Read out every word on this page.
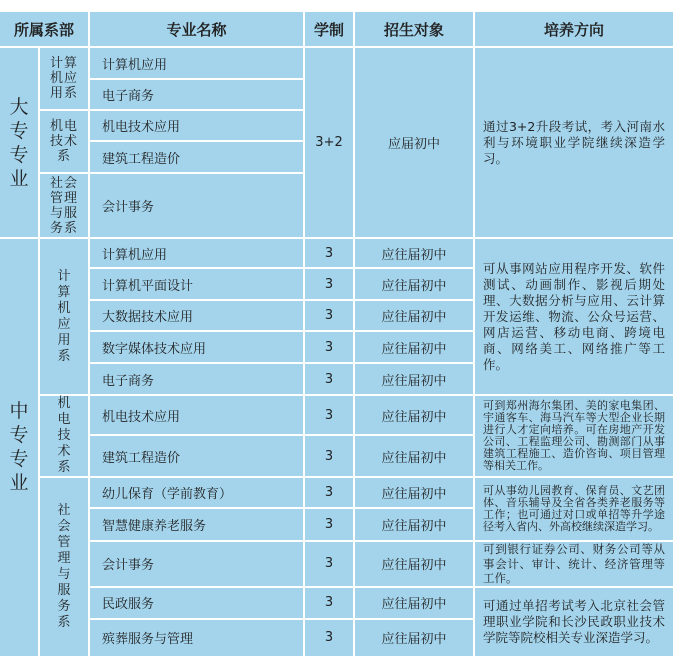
所属系部		专业名称	学制	招生对象	培养方向
大专专业	计算机应用系	计算机应用	3+2	应届初中	通过3+2升段考试，考入河南水利与环境职业学院继续深造学习。
		电子商务			
	机电技术系	机电技术应用			
		建筑工程造价			
	社会管理与服务系	会计事务			
中专专业	计算机应用系	计算机应用	3	应往届初中	可从事网站应用程序开发、软件测试、动画制作、影视后期处理、大数据分析与应用、云计算开发运维、物流、公众号运营、网店运营、移动电商、跨境电商、网络美工、网络推广等工作。
		计算机平面设计	3	应往届初中	
		大数据技术应用	3	应往届初中	
		数字媒体技术应用	3	应往届初中	
		电子商务	3	应往届初中	
	机电技术系	机电技术应用	3	应往届初中	可到郑州海尔集团、美的家电集团、宇通客车、海马汽车等大型企业长期进行人才定向培养。可在房地产开发公司、工程监理公司、勘测部门从事建筑工程施工、造价咨询、项目管理等相关工作。
		建筑工程造价	3	应往届初中	
	社会管理与服务系	幼儿保育（学前教育）	3	应往届初中	可从事幼儿园教育、保育员、文艺团体、音乐辅导及全省各类养老服务等工作；也可通过对口或单招等升学途径考入省内、外高校继续深造学习。
		智慧健康养老服务	3	应往届初中	
		会计事务	3	应往届初中	可到银行证券公司、财务公司等从事会计、审计、统计、经济管理等工作。
		民政服务	3	应往届初中	可通过单招考试考入北京社会管理职业学院和长沙民政职业技术学院等院校相关专业深造学习。
		殡葬服务与管理	3	应往届初中	
